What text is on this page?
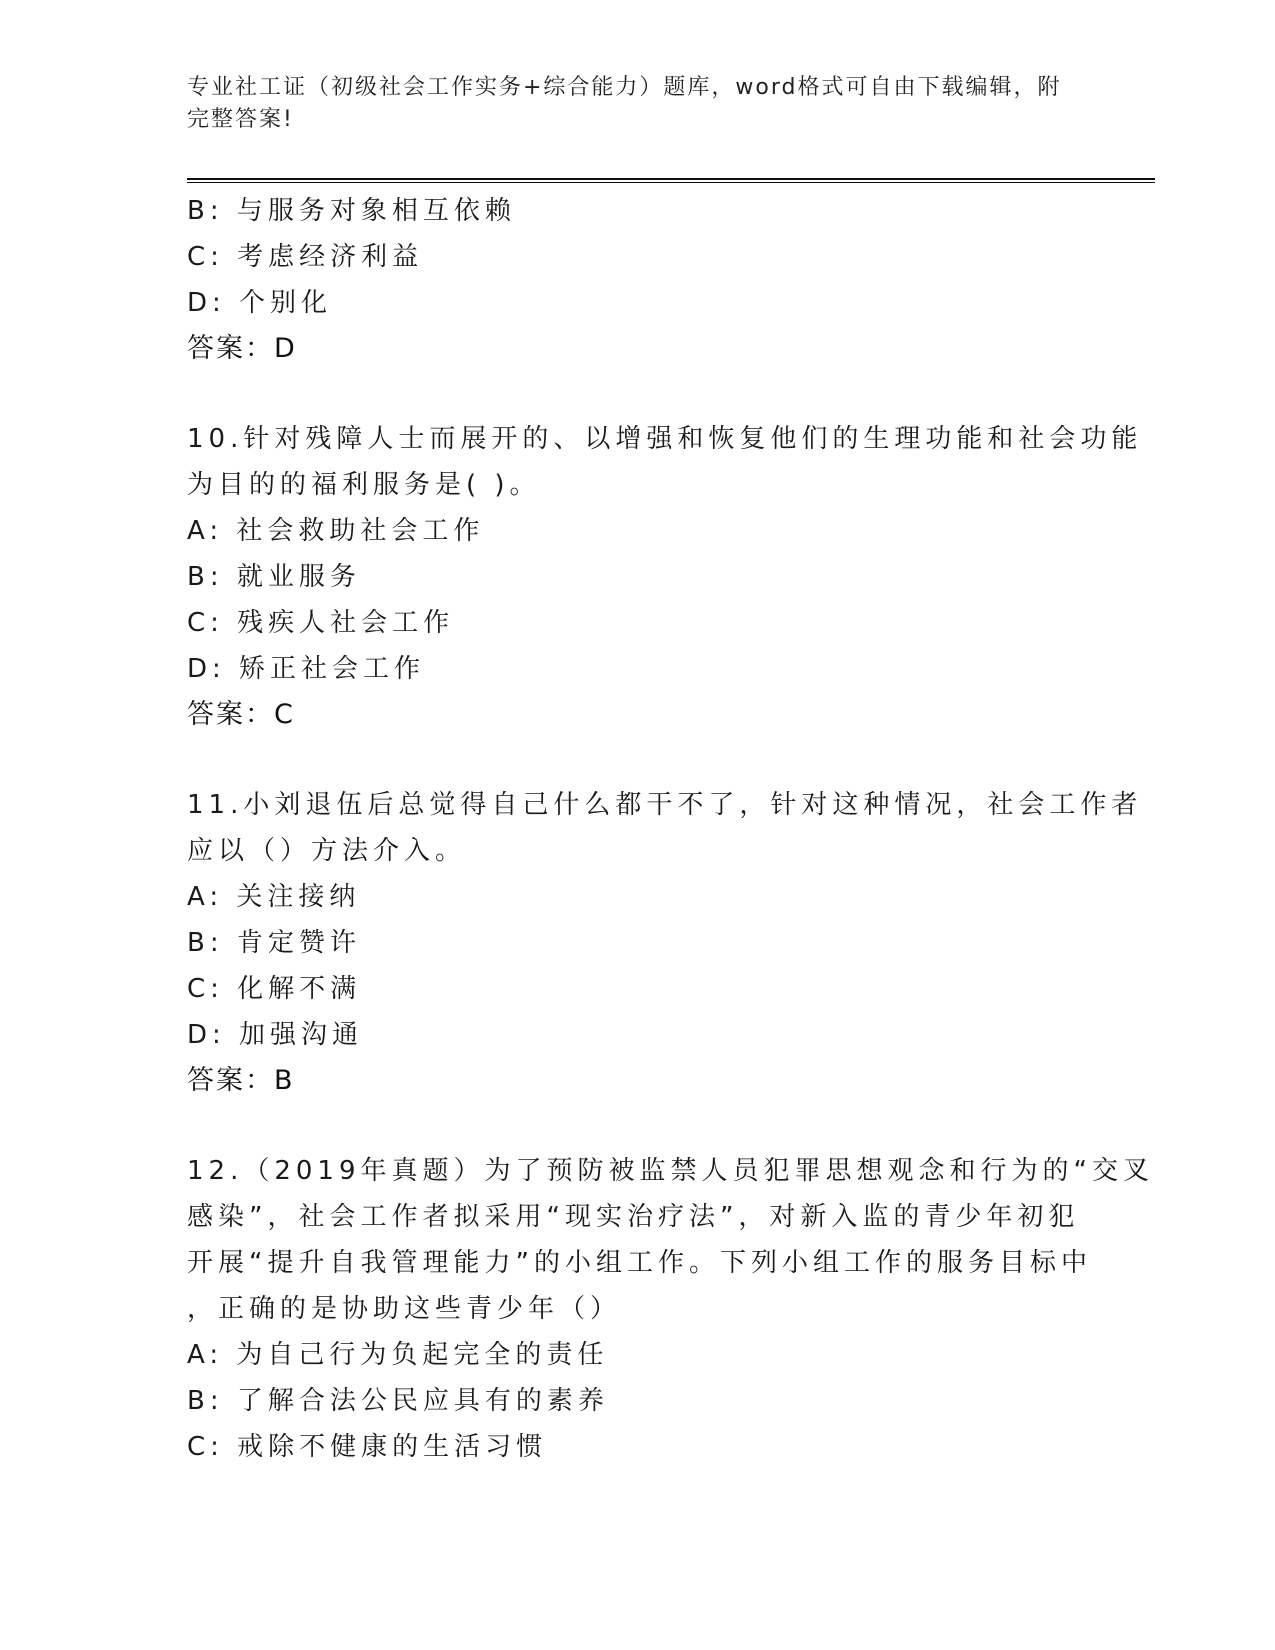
专业社工证（初级社会工作实务+综合能力）题库，word格式可自由下载编辑，附
完整答案!
B: 与服务对象相互依赖
C: 考虑经济利益
D: 个别化
答案：D
10.针对残障人士而展开的、以增强和恢复他们的生理功能和社会功能
为目的的福利服务是( )。
A: 社会救助社会工作
B: 就业服务
C: 残疾人社会工作
D: 矫正社会工作
答案：C
11.小刘退伍后总觉得自己什么都干不了，针对这种情况，社会工作者
应以（）方法介入。
A: 关注接纳
B: 肯定赞许
C: 化解不满
D: 加强沟通
答案：B
12.（2019年真题）为了预防被监禁人员犯罪思想观念和行为的“交叉
感染”，社会工作者拟采用“现实治疗法”，对新入监的青少年初犯
开展“提升自我管理能力”的小组工作。下列小组工作的服务目标中
，正确的是协助这些青少年（）
A: 为自己行为负起完全的责任
B: 了解合法公民应具有的素养
C: 戒除不健康的生活习惯
